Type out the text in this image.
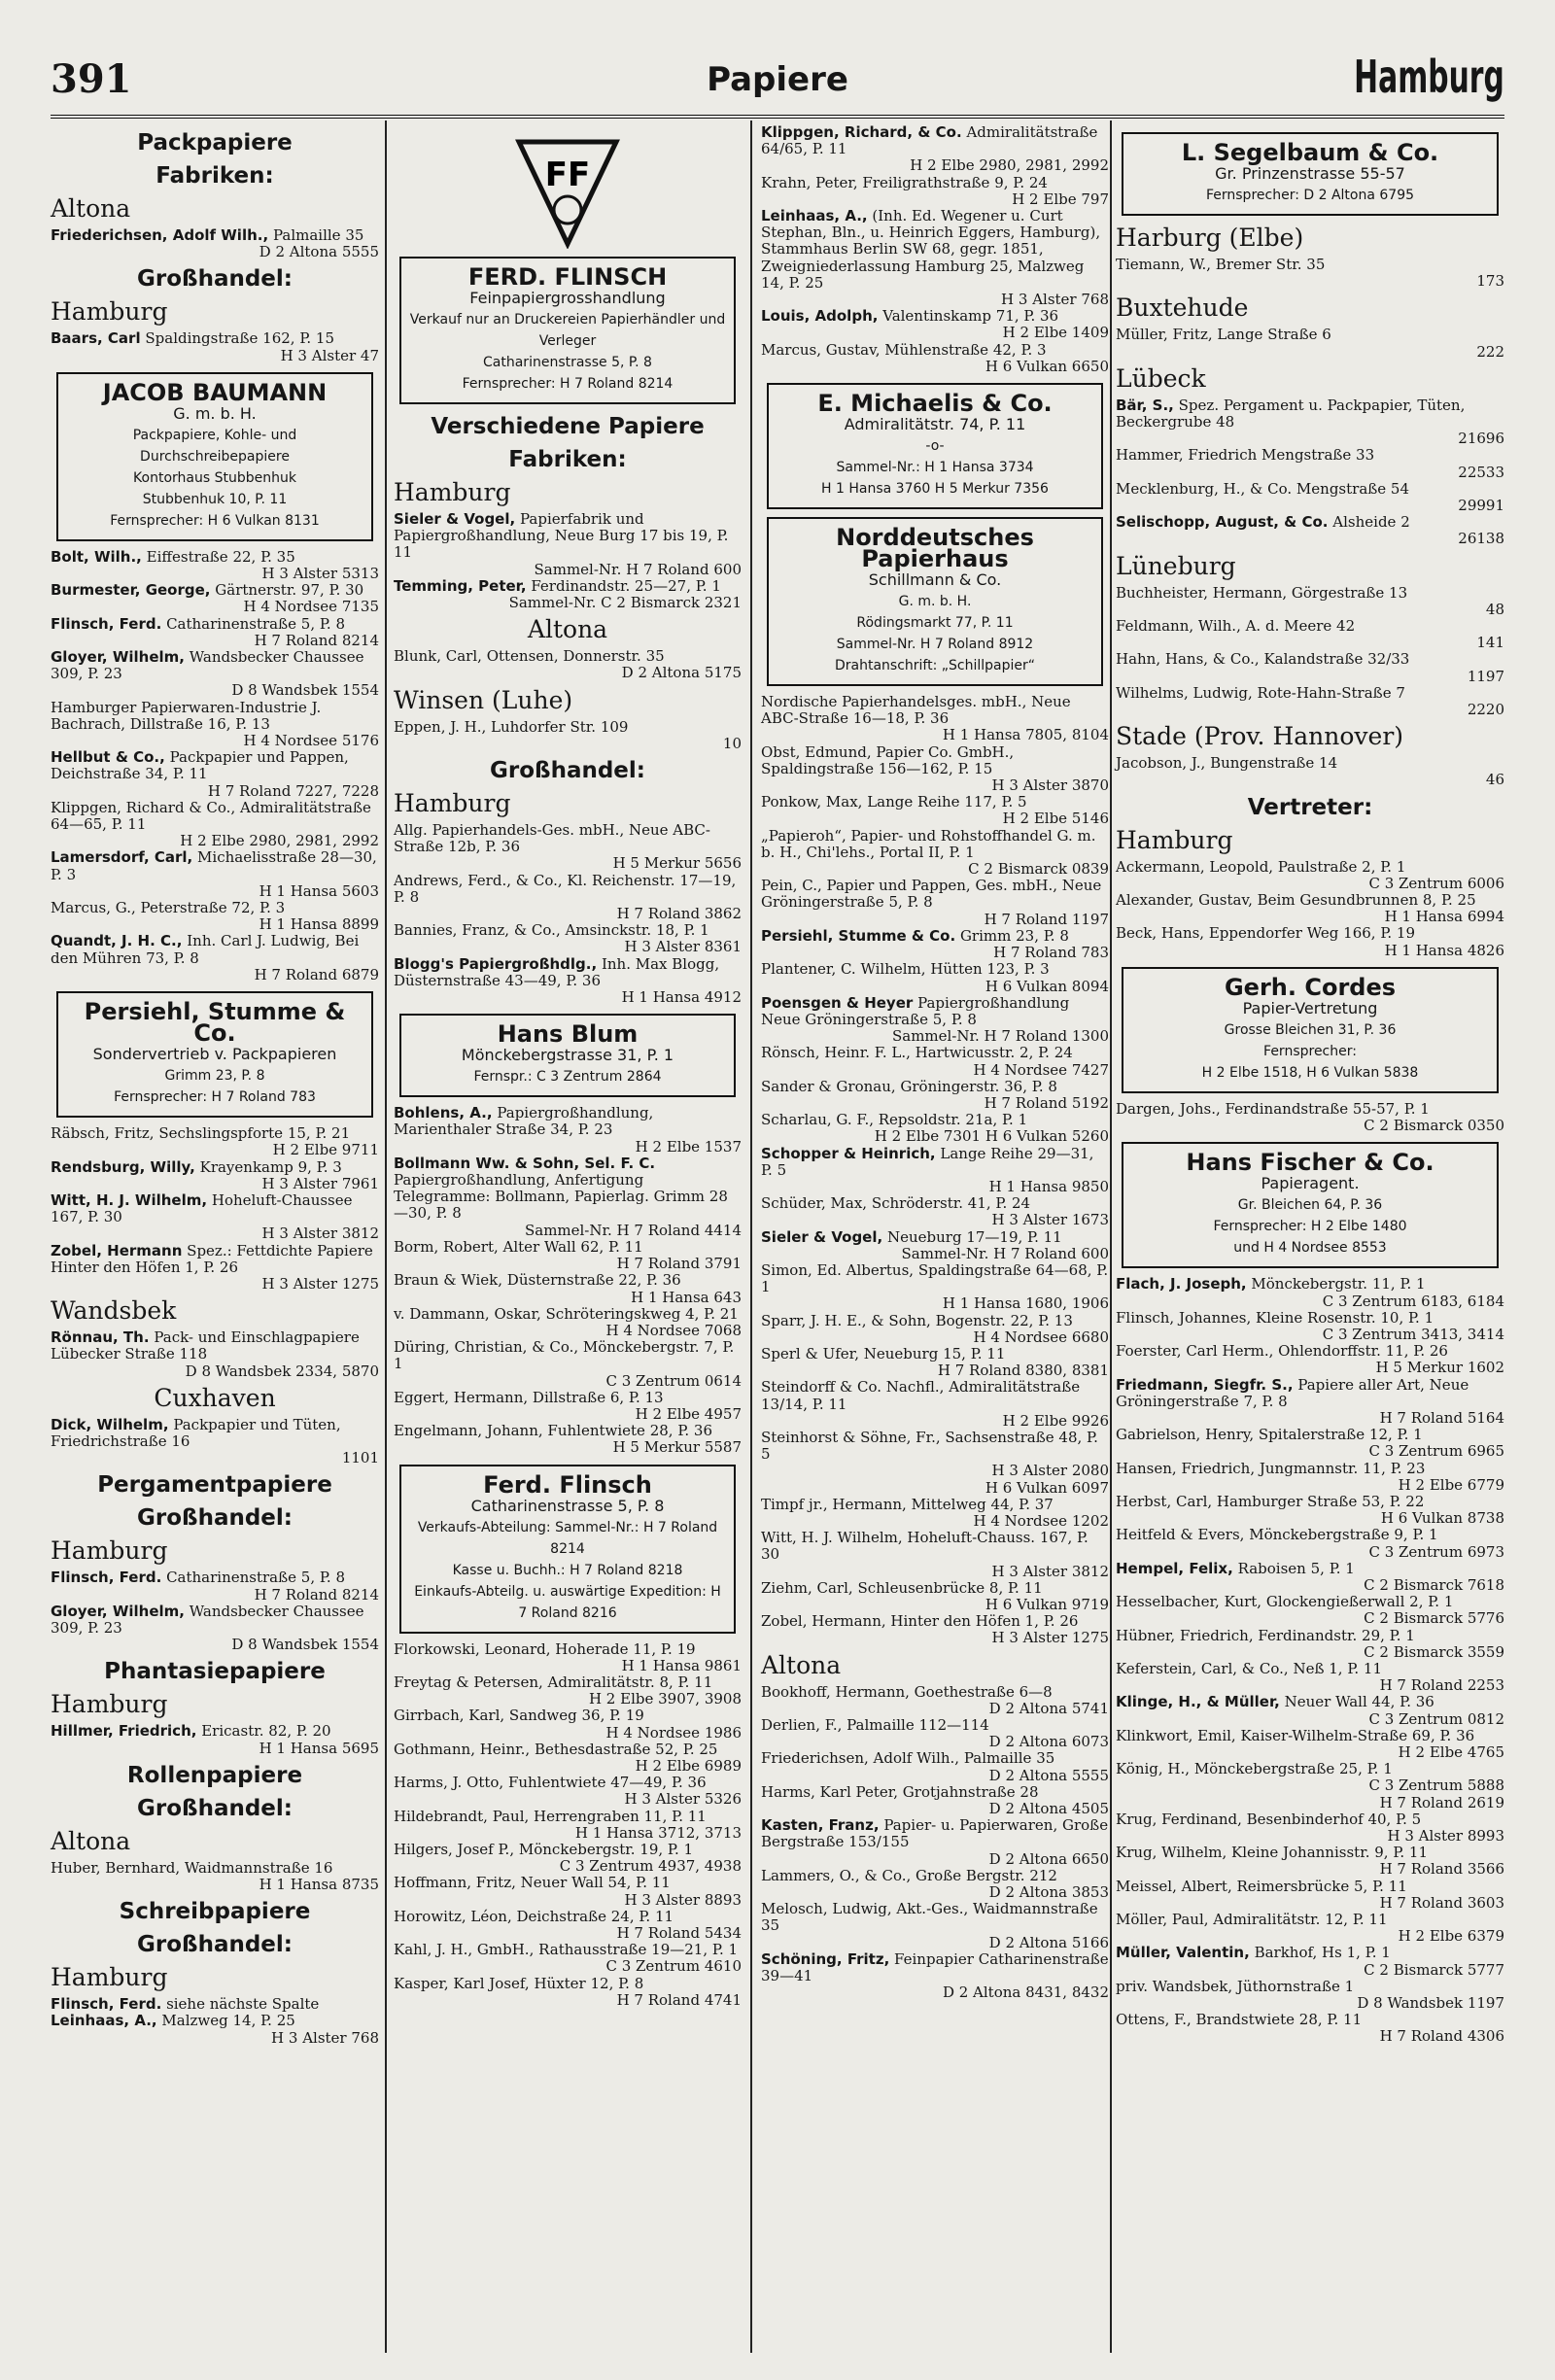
391	Papiere	Hamburg
Packpapiere
Fabriken:
Altona
Friederichsen, Adolf Wilh., Palmaille 35
D 2 Altona 5555
Großhandel:
Hamburg
Baars, Carl Spaldingstraße 162, P. 15
H 3 Alster 47
JACOB BAUMANN
G. m. b. H.
Packpapiere, Kohle- und Durchschreibepapiere
Kontorhaus Stubbenhuk
Stubbenhuk 10, P. 11
Fernsprecher: H 6 Vulkan 8131
Bolt, Wilh., Eiffestraße 22, P. 35
H 3 Alster 5313
Burmester, George, Gärtnerstr. 97, P. 30
H 4 Nordsee 7135
Flinsch, Ferd. Catharinenstraße 5, P. 8
H 7 Roland 8214
Gloyer, Wilhelm, Wandsbecker Chaussee 309, P. 23
D 8 Wandsbek 1554
Hamburger Papierwaren-Industrie J. Bachrach, Dillstraße 16, P. 13
H 4 Nordsee 5176
Hellbut & Co., Packpapier und Pappen, Deichstraße 34, P. 11
H 7 Roland 7227, 7228
Klippgen, Richard & Co., Admiralitätstraße 64—65, P. 11
H 2 Elbe 2980, 2981, 2992
Lamersdorf, Carl, Michaelisstraße 28—30, P. 3
H 1 Hansa 5603
Marcus, G., Peterstraße 72, P. 3
H 1 Hansa 8899
Quandt, J. H. C., Inh. Carl J. Ludwig, Bei den Mühren 73, P. 8
H 7 Roland 6879
Persiehl, Stumme & Co.
Sondervertrieb v. Packpapieren
Grimm 23, P. 8
Fernsprecher: H 7 Roland 783
Räbsch, Fritz, Sechslingspforte 15, P. 21
H 2 Elbe 9711
Rendsburg, Willy, Krayenkamp 9, P. 3
H 3 Alster 7961
Witt, H. J. Wilhelm, Hoheluft-Chaussee 167, P. 30
H 3 Alster 3812
Zobel, Hermann Spez.: Fettdichte Papiere Hinter den Höfen 1, P. 26
H 3 Alster 1275
Wandsbek
Rönnau, Th. Pack- und Einschlagpapiere Lübecker Straße 118
D 8 Wandsbek 2334, 5870
Cuxhaven
Dick, Wilhelm, Packpapier und Tüten, Friedrichstraße 16
1101
Pergamentpapiere
Großhandel:
Hamburg
Flinsch, Ferd. Catharinenstraße 5, P. 8
H 7 Roland 8214
Gloyer, Wilhelm, Wandsbecker Chaussee 309, P. 23
D 8 Wandsbek 1554
Phantasiepapiere
Hamburg
Hillmer, Friedrich, Ericastr. 82, P. 20
H 1 Hansa 5695
Rollenpapiere
Großhandel:
Altona
Huber, Bernhard, Waidmannstraße 16
H 1 Hansa 8735
Schreibpapiere
Großhandel:
Hamburg
Flinsch, Ferd. siehe nächste Spalte
Leinhaas, A., Malzweg 14, P. 25
H 3 Alster 768
FF
FERD. FLINSCH
Feinpapiergrosshandlung
Verkauf nur an Druckereien Papierhändler und Verleger
Catharinenstrasse 5, P. 8
Fernsprecher: H 7 Roland 8214
Verschiedene Papiere
Fabriken:
Hamburg
Sieler & Vogel, Papierfabrik und Papiergroßhandlung, Neue Burg 17 bis 19, P. 11
Sammel-Nr. H 7 Roland 600
Temming, Peter, Ferdinandstr. 25—27, P. 1
Sammel-Nr. C 2 Bismarck 2321
Altona
Blunk, Carl, Ottensen, Donnerstr. 35
D 2 Altona 5175
Winsen (Luhe)
Eppen, J. H., Luhdorfer Str. 109
10
Großhandel:
Hamburg
Allg. Papierhandels-Ges. mbH., Neue ABC-Straße 12b, P. 36
H 5 Merkur 5656
Andrews, Ferd., & Co., Kl. Reichenstr. 17—19, P. 8
H 7 Roland 3862
Bannies, Franz, & Co., Amsinckstr. 18, P. 1
H 3 Alster 8361
Blogg's Papiergroßhdlg., Inh. Max Blogg, Düsternstraße 43—49, P. 36
H 1 Hansa 4912
Hans Blum
Mönckebergstrasse 31, P. 1
Fernspr.: C 3 Zentrum 2864
Bohlens, A., Papiergroßhandlung, Marienthaler Straße 34, P. 23
H 2 Elbe 1537
Bollmann Ww. & Sohn, Sel. F. C. Papiergroßhandlung, Anfertigung Telegramme: Bollmann, Papierlag. Grimm 28—30, P. 8
Sammel-Nr. H 7 Roland 4414
Borm, Robert, Alter Wall 62, P. 11
H 7 Roland 3791
Braun & Wiek, Düsternstraße 22, P. 36
H 1 Hansa 643
v. Dammann, Oskar, Schröteringskweg 4, P. 21
H 4 Nordsee 7068
Düring, Christian, & Co., Mönckebergstr. 7, P. 1
C 3 Zentrum 0614
Eggert, Hermann, Dillstraße 6, P. 13
H 2 Elbe 4957
Engelmann, Johann, Fuhlentwiete 28, P. 36
H 5 Merkur 5587
Ferd. Flinsch
Catharinenstrasse 5, P. 8
Verkaufs-Abteilung: Sammel-Nr.: H 7 Roland 8214
Kasse u. Buchh.: H 7 Roland 8218
Einkaufs-Abteilg. u. auswärtige Expedition: H 7 Roland 8216
Florkowski, Leonard, Hoherade 11, P. 19
H 1 Hansa 9861
Freytag & Petersen, Admiralitätstr. 8, P. 11
H 2 Elbe 3907, 3908
Girrbach, Karl, Sandweg 36, P. 19
H 4 Nordsee 1986
Gothmann, Heinr., Bethesdastraße 52, P. 25
H 2 Elbe 6989
Harms, J. Otto, Fuhlentwiete 47—49, P. 36
H 3 Alster 5326
Hildebrandt, Paul, Herrengraben 11, P. 11
H 1 Hansa 3712, 3713
Hilgers, Josef P., Mönckebergstr. 19, P. 1
C 3 Zentrum 4937, 4938
Hoffmann, Fritz, Neuer Wall 54, P. 11
H 3 Alster 8893
Horowitz, Léon, Deichstraße 24, P. 11
H 7 Roland 5434
Kahl, J. H., GmbH., Rathausstraße 19—21, P. 1
C 3 Zentrum 4610
Kasper, Karl Josef, Hüxter 12, P. 8
H 7 Roland 4741
Klippgen, Richard, & Co. Admiralitätstraße 64/65, P. 11
H 2 Elbe 2980, 2981, 2992
Krahn, Peter, Freiligrathstraße 9, P. 24
H 2 Elbe 797
Leinhaas, A., (Inh. Ed. Wegener u. Curt Stephan, Bln., u. Heinrich Eggers, Hamburg), Stammhaus Berlin SW 68, gegr. 1851, Zweigniederlassung Hamburg 25, Malzweg 14, P. 25
H 3 Alster 768
Louis, Adolph, Valentinskamp 71, P. 36
H 2 Elbe 1409
Marcus, Gustav, Mühlenstraße 42, P. 3
H 6 Vulkan 6650
E. Michaelis & Co.
Admiralitätstr. 74, P. 11
-o-
Sammel-Nr.: H 1 Hansa 3734
H 1 Hansa 3760 H 5 Merkur 7356
Norddeutsches Papierhaus
Schillmann & Co.
G. m. b. H.
Rödingsmarkt 77, P. 11
Sammel-Nr. H 7 Roland 8912
Drahtanschrift: „Schillpapier“
Nordische Papierhandelsges. mbH., Neue ABC-Straße 16—18, P. 36
H 1 Hansa 7805, 8104
Obst, Edmund, Papier Co. GmbH., Spaldingstraße 156—162, P. 15
H 3 Alster 3870
Ponkow, Max, Lange Reihe 117, P. 5
H 2 Elbe 5146
„Papieroh“, Papier- und Rohstoffhandel G. m. b. H., Chi'lehs., Portal II, P. 1
C 2 Bismarck 0839
Pein, C., Papier und Pappen, Ges. mbH., Neue Gröningerstraße 5, P. 8
H 7 Roland 1197
Persiehl, Stumme & Co. Grimm 23, P. 8
H 7 Roland 783
Plantener, C. Wilhelm, Hütten 123, P. 3
H 6 Vulkan 8094
Poensgen & Heyer Papiergroßhandlung Neue Gröningerstraße 5, P. 8
Sammel-Nr. H 7 Roland 1300
Rönsch, Heinr. F. L., Hartwicusstr. 2, P. 24
H 4 Nordsee 7427
Sander & Gronau, Gröningerstr. 36, P. 8
H 7 Roland 5192
Scharlau, G. F., Repsoldstr. 21a, P. 1
H 2 Elbe 7301 H 6 Vulkan 5260
Schopper & Heinrich, Lange Reihe 29—31, P. 5
H 1 Hansa 9850
Schüder, Max, Schröderstr. 41, P. 24
H 3 Alster 1673
Sieler & Vogel, Neueburg 17—19, P. 11
Sammel-Nr. H 7 Roland 600
Simon, Ed. Albertus, Spaldingstraße 64—68, P. 1
H 1 Hansa 1680, 1906
Sparr, J. H. E., & Sohn, Bogenstr. 22, P. 13
H 4 Nordsee 6680
Sperl & Ufer, Neueburg 15, P. 11
H 7 Roland 8380, 8381
Steindorff & Co. Nachfl., Admiralitätstraße 13/14, P. 11
H 2 Elbe 9926
Steinhorst & Söhne, Fr., Sachsenstraße 48, P. 5
H 3 Alster 2080
H 6 Vulkan 6097
Timpf jr., Hermann, Mittelweg 44, P. 37
H 4 Nordsee 1202
Witt, H. J. Wilhelm, Hoheluft-Chauss. 167, P. 30
H 3 Alster 3812
Ziehm, Carl, Schleusenbrücke 8, P. 11
H 6 Vulkan 9719
Zobel, Hermann, Hinter den Höfen 1, P. 26
H 3 Alster 1275
Altona
Bookhoff, Hermann, Goethestraße 6—8
D 2 Altona 5741
Derlien, F., Palmaille 112—114
D 2 Altona 6073
Friederichsen, Adolf Wilh., Palmaille 35
D 2 Altona 5555
Harms, Karl Peter, Grotjahnstraße 28
D 2 Altona 4505
Kasten, Franz, Papier- u. Papierwaren, Große Bergstraße 153/155
D 2 Altona 6650
Lammers, O., & Co., Große Bergstr. 212
D 2 Altona 3853
Melosch, Ludwig, Akt.-Ges., Waidmannstraße 35
D 2 Altona 5166
Schöning, Fritz, Feinpapier Catharinenstraße 39—41
D 2 Altona 8431, 8432
L. Segelbaum & Co.
Gr. Prinzenstrasse 55-57
Fernsprecher: D 2 Altona 6795
Harburg (Elbe)
Tiemann, W., Bremer Str. 35
173
Buxtehude
Müller, Fritz, Lange Straße 6
222
Lübeck
Bär, S., Spez. Pergament u. Packpapier, Tüten, Beckergrube 48
21696
Hammer, Friedrich Mengstraße 33
22533
Mecklenburg, H., & Co. Mengstraße 54
29991
Selischopp, August, & Co. Alsheide 2
26138
Lüneburg
Buchheister, Hermann, Görgestraße 13
48
Feldmann, Wilh., A. d. Meere 42
141
Hahn, Hans, & Co., Kalandstraße 32/33
1197
Wilhelms, Ludwig, Rote-Hahn-Straße 7
2220
Stade (Prov. Hannover)
Jacobson, J., Bungenstraße 14
46
Vertreter:
Hamburg
Ackermann, Leopold, Paulstraße 2, P. 1
C 3 Zentrum 6006
Alexander, Gustav, Beim Gesundbrunnen 8, P. 25
H 1 Hansa 6994
Beck, Hans, Eppendorfer Weg 166, P. 19
H 1 Hansa 4826
Gerh. Cordes
Papier-Vertretung
Grosse Bleichen 31, P. 36
Fernsprecher:
H 2 Elbe 1518, H 6 Vulkan 5838
Dargen, Johs., Ferdinandstraße 55-57, P. 1
C 2 Bismarck 0350
Hans Fischer & Co.
Papieragent.
Gr. Bleichen 64, P. 36
Fernsprecher: H 2 Elbe 1480
und H 4 Nordsee 8553
Flach, J. Joseph, Mönckebergstr. 11, P. 1
C 3 Zentrum 6183, 6184
Flinsch, Johannes, Kleine Rosenstr. 10, P. 1
C 3 Zentrum 3413, 3414
Foerster, Carl Herm., Ohlendorffstr. 11, P. 26
H 5 Merkur 1602
Friedmann, Siegfr. S., Papiere aller Art, Neue Gröningerstraße 7, P. 8
H 7 Roland 5164
Gabrielson, Henry, Spitalerstraße 12, P. 1
C 3 Zentrum 6965
Hansen, Friedrich, Jungmannstr. 11, P. 23
H 2 Elbe 6779
Herbst, Carl, Hamburger Straße 53, P. 22
H 6 Vulkan 8738
Heitfeld & Evers, Mönckebergstraße 9, P. 1
C 3 Zentrum 6973
Hempel, Felix, Raboisen 5, P. 1
C 2 Bismarck 7618
Hesselbacher, Kurt, Glockengießerwall 2, P. 1
C 2 Bismarck 5776
Hübner, Friedrich, Ferdinandstr. 29, P. 1
C 2 Bismarck 3559
Keferstein, Carl, & Co., Neß 1, P. 11
H 7 Roland 2253
Klinge, H., & Müller, Neuer Wall 44, P. 36
C 3 Zentrum 0812
Klinkwort, Emil, Kaiser-Wilhelm-Straße 69, P. 36
H 2 Elbe 4765
König, H., Mönckebergstraße 25, P. 1
C 3 Zentrum 5888
H 7 Roland 2619
Krug, Ferdinand, Besenbinderhof 40, P. 5
H 3 Alster 8993
Krug, Wilhelm, Kleine Johannisstr. 9, P. 11
H 7 Roland 3566
Meissel, Albert, Reimersbrücke 5, P. 11
H 7 Roland 3603
Möller, Paul, Admiralitätstr. 12, P. 11
H 2 Elbe 6379
Müller, Valentin, Barkhof, Hs 1, P. 1
C 2 Bismarck 5777
priv. Wandsbek, Jüthornstraße 1
D 8 Wandsbek 1197
Ottens, F., Brandstwiete 28, P. 11
H 7 Roland 4306
